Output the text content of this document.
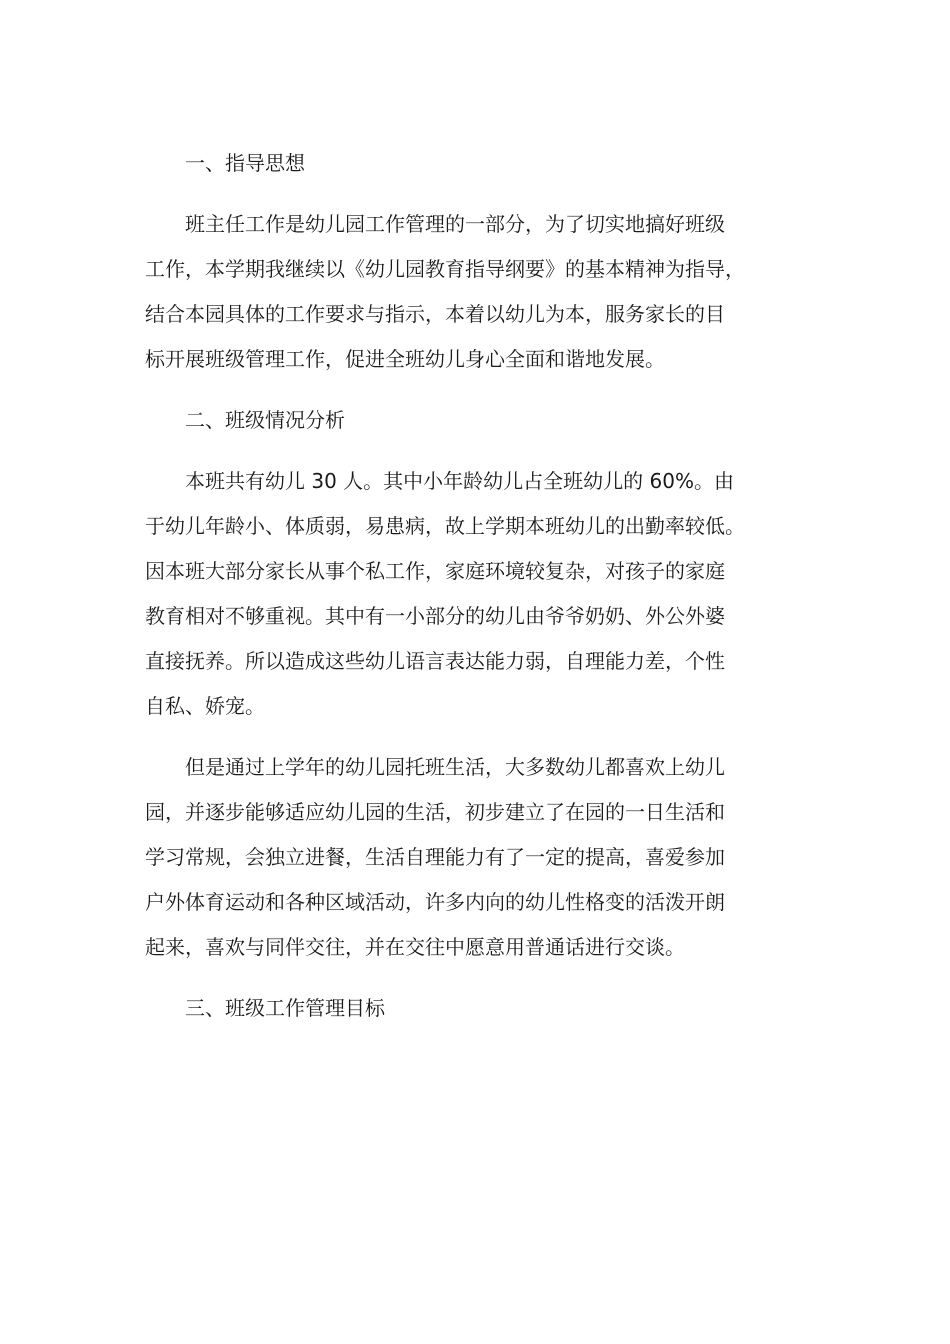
一、指导思想
班主任工作是幼儿园工作管理的一部分，为了切实地搞好班级
工作，本学期我继续以《幼儿园教育指导纲要》的基本精神为指导，
结合本园具体的工作要求与指示，本着以幼儿为本，服务家长的目
标开展班级管理工作，促进全班幼儿身心全面和谐地发展。
二、班级情况分析
本班共有幼儿 30 人。其中小年龄幼儿占全班幼儿的 60%。由
于幼儿年龄小、体质弱，易患病，故上学期本班幼儿的出勤率较低。
因本班大部分家长从事个私工作，家庭环境较复杂，对孩子的家庭
教育相对不够重视。其中有一小部分的幼儿由爷爷奶奶、外公外婆
直接抚养。所以造成这些幼儿语言表达能力弱，自理能力差，个性
自私、娇宠。
但是通过上学年的幼儿园托班生活，大多数幼儿都喜欢上幼儿
园，并逐步能够适应幼儿园的生活，初步建立了在园的一日生活和
学习常规，会独立进餐，生活自理能力有了一定的提高，喜爱参加
户外体育运动和各种区域活动，许多内向的幼儿性格变的活泼开朗
起来，喜欢与同伴交往，并在交往中愿意用普通话进行交谈。
三、班级工作管理目标
